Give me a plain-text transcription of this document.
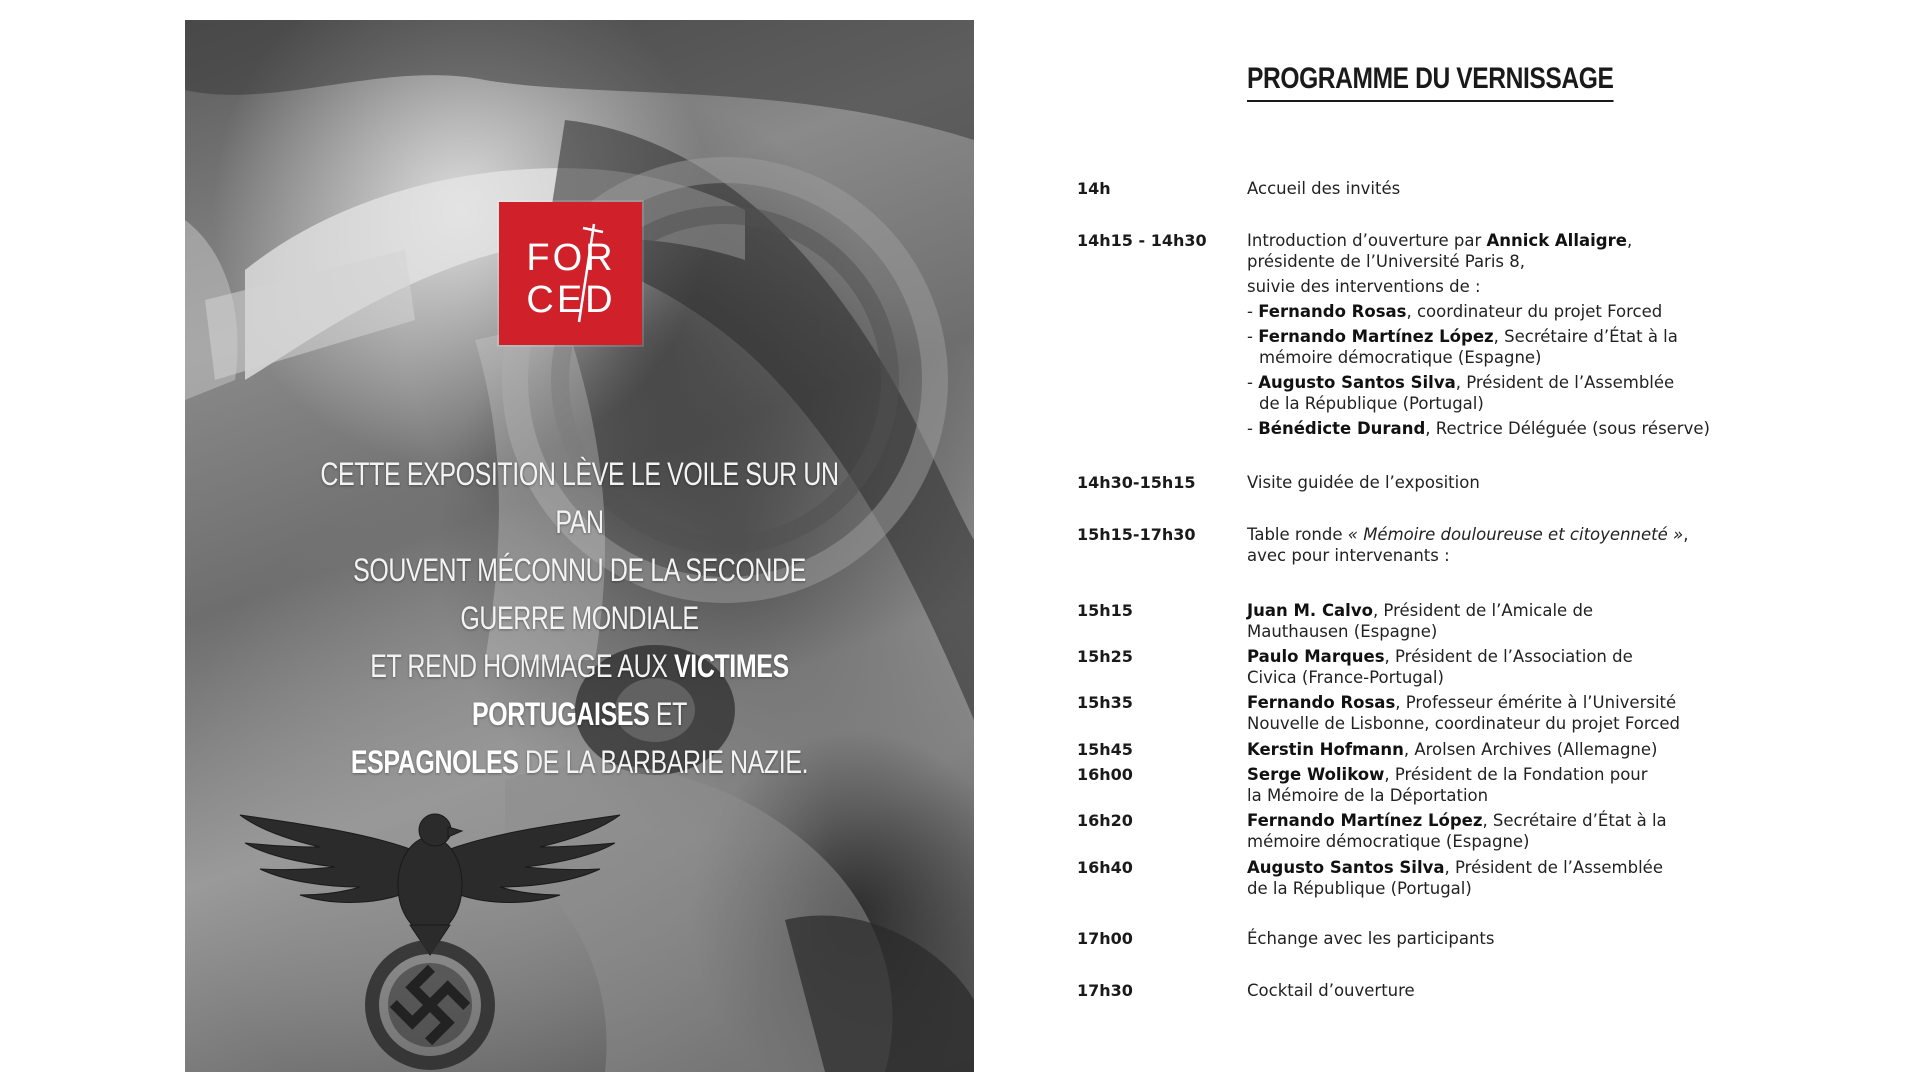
FOR
CED
CETTE EXPOSITION LÈVE LE VOILE SUR UN PAN
SOUVENT MÉCONNU DE LA SECONDE GUERRE MONDIALE
ET REND HOMMAGE AUX VICTIMES PORTUGAISES ET
ESPAGNOLES DE LA BARBARIE NAZIE.
PROGRAMME DU VERNISSAGE
14h	Accueil des invités
14h15 - 14h30	Introduction d’ouverture par Annick Allaigre,
présidente de l’Université Paris 8,
suivie des interventions de :
- Fernando Rosas, coordinateur du projet Forced
- Fernando Martínez López, Secrétaire d’État à la
mémoire démocratique (Espagne)
- Augusto Santos Silva, Président de l’Assemblée
de la République (Portugal)
- Bénédicte Durand, Rectrice Déléguée (sous réserve)
14h30-15h15	Visite guidée de l’exposition
15h15-17h30	Table ronde « Mémoire douloureuse et citoyenneté »,
avec pour intervenants :
15h15	Juan M. Calvo, Président de l’Amicale de
Mauthausen (Espagne)
15h25	Paulo Marques, Président de l’Association de
Civica (France-Portugal)
15h35	Fernando Rosas, Professeur émérite à l’Université
Nouvelle de Lisbonne, coordinateur du projet Forced
15h45	Kerstin Hofmann, Arolsen Archives (Allemagne)
16h00	Serge Wolikow, Président de la Fondation pour
la Mémoire de la Déportation
16h20	Fernando Martínez López, Secrétaire d’État à la
mémoire démocratique (Espagne)
16h40	Augusto Santos Silva, Président de l’Assemblée
de la République (Portugal)
17h00	Échange avec les participants
17h30	Cocktail d’ouverture
